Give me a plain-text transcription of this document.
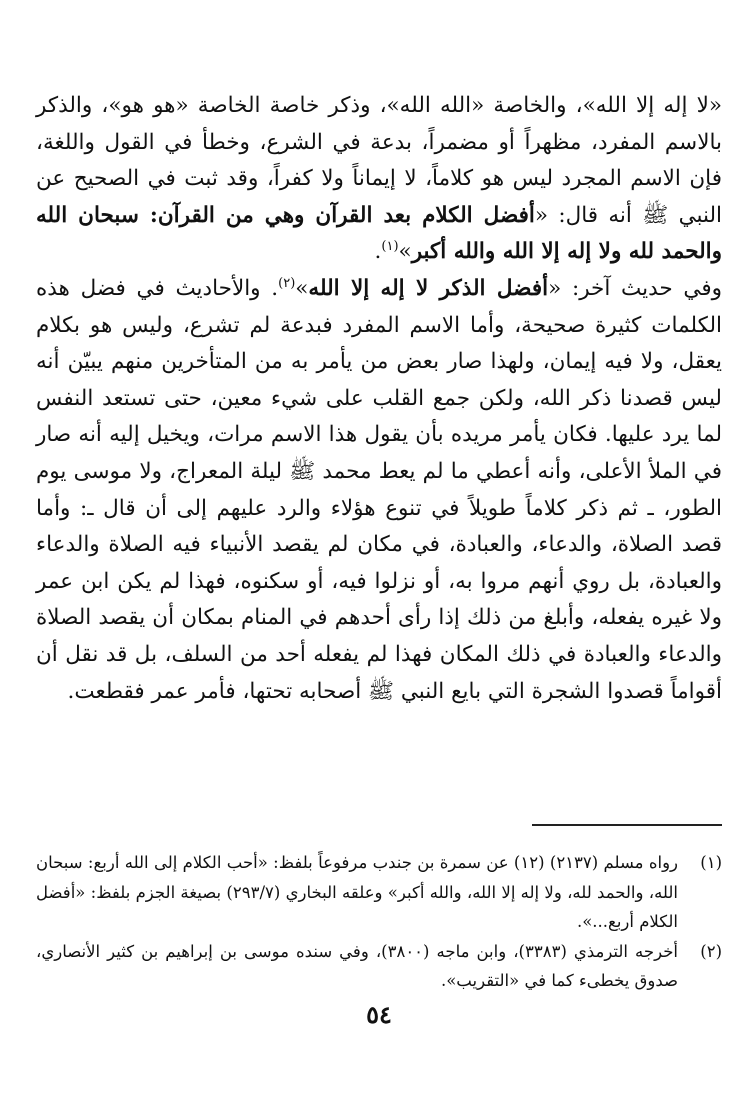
«لا إله إلا الله»، والخاصة «الله الله»، وذكر خاصة الخاصة «هو هو»، والذكر بالاسم المفرد، مظهراً أو مضمراً، بدعة في الشرع، وخطأ في القول واللغة، فإن الاسم المجرد ليس هو كلاماً، لا إيماناً ولا كفراً، وقد ثبت في الصحيح عن النبي ﷺ أنه قال: «أفضل الكلام بعد القرآن وهي من القرآن: سبحان الله والحمد لله ولا إله إلا الله والله أكبر»$^{(١)}$.

وفي حديث آخر: «أفضل الذكر لا إله إلا الله»$^{(٢)}$. والأحاديث في فضل هذه الكلمات كثيرة صحيحة، وأما الاسم المفرد فبدعة لم تشرع، وليس هو بكلام يعقل، ولا فيه إيمان، ولهذا صار بعض من يأمر به من المتأخرين منهم يبيّن أنه ليس قصدنا ذكر الله، ولكن جمع القلب على شيء معين، حتى تستعد النفس لما يرد عليها. فكان يأمر مريده بأن يقول هذا الاسم مرات، ويخيل إليه أنه صار في الملأ الأعلى، وأنه أعطي ما لم يعط محمد ﷺ ليلة المعراج، ولا موسى يوم الطور، ـ ثم ذكر كلاماً طويلاً في تنوع هؤلاء والرد عليهم إلى أن قال ـ: وأما قصد الصلاة، والدعاء، والعبادة، في مكان لم يقصد الأنبياء فيه الصلاة والدعاء والعبادة، بل روي أنهم مروا به، أو نزلوا فيه، أو سكنوه، فهذا لم يكن ابن عمر ولا غيره يفعله، وأبلغ من ذلك إذا رأى أحدهم في المنام بمكان أن يقصد الصلاة والدعاء والعبادة في ذلك المكان فهذا لم يفعله أحد من السلف، بل قد نقل أن أقواماً قصدوا الشجرة التي بايع النبي ﷺ أصحابه تحتها، فأمر عمر فقطعت.

(١)
رواه مسلم (٢١٣٧) (١٢) عن سمرة بن جندب مرفوعاً بلفظ: «أحب الكلام إلى الله أربع: سبحان الله، والحمد لله، ولا إله إلا الله، والله أكبر» وعلقه البخاري (٢٩٣/٧) بصيغة الجزم بلفظ: «أفضل الكلام أربع...».
(٢)
أخرجه الترمذي (٣٣٨٣)، وابن ماجه (٣٨٠٠)، وفي سنده موسى بن إبراهيم بن كثير الأنصاري، صدوق يخطىء كما في «التقريب».
٥٤
